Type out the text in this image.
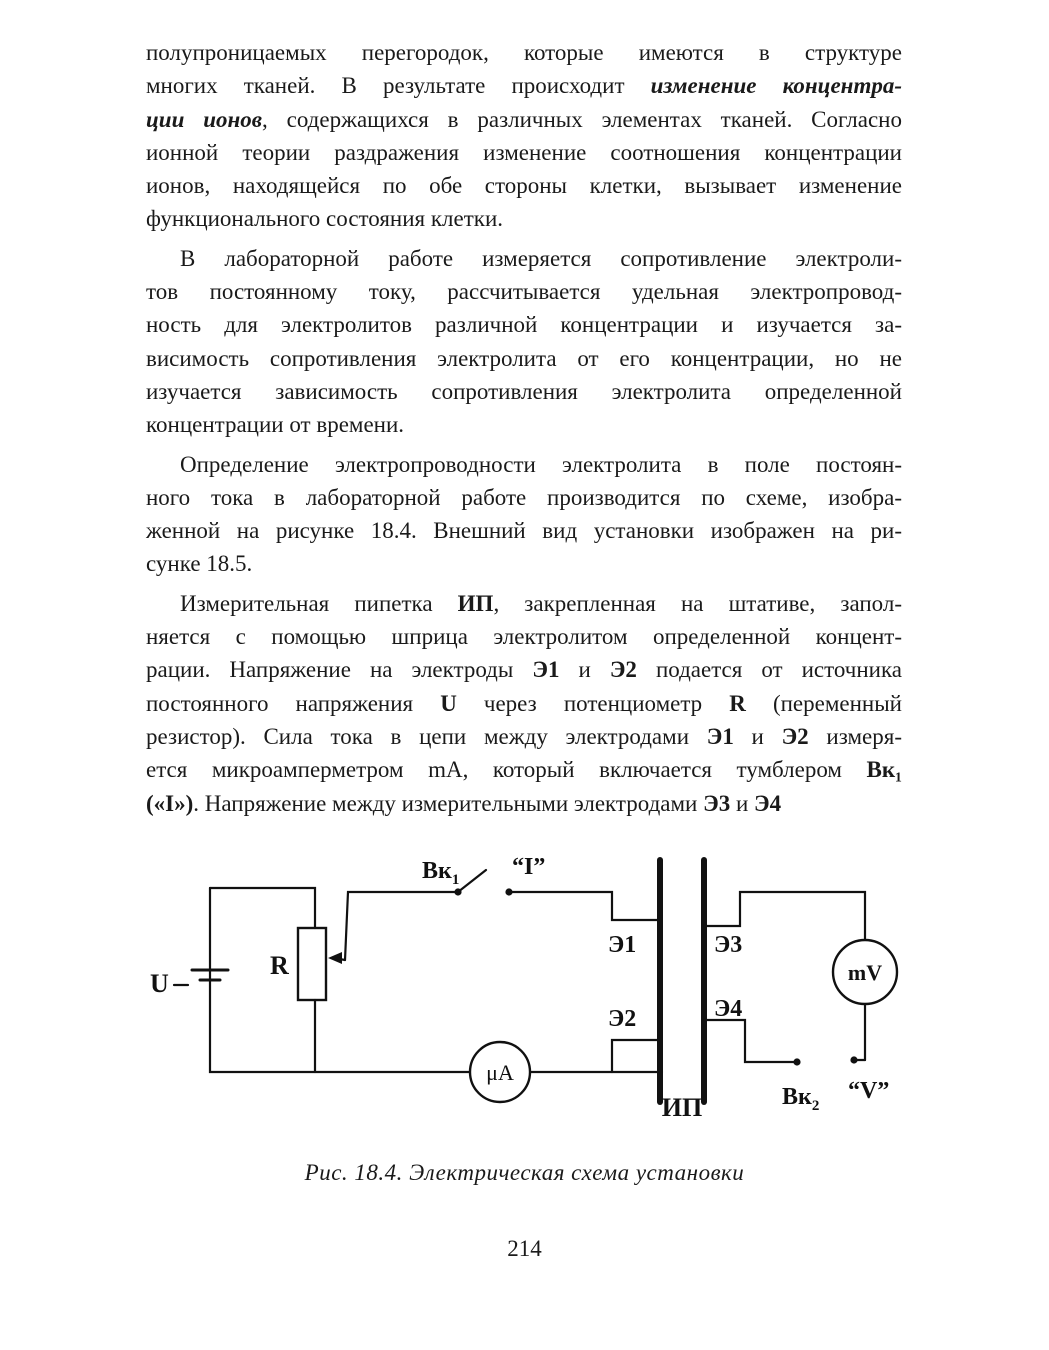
полупроницаемых перегородок, которые имеются в структуре
многих тканей. В результате происходит изменение концентра-
ции ионов, содержащихся в различных элементах тканей. Согласно
ионной теории раздражения изменение соотношения концентрации
ионов, находящейся по обе стороны клетки, вызывает изменение
функционального состояния клетки.
В лабораторной работе измеряется сопротивление электроли-
тов постоянному току, рассчитывается удельная электропровод-
ность для электролитов различной концентрации и изучается за-
висимость сопротивления электролита от его концентрации, но не
изучается зависимость сопротивления электролита определенной
концентрации от времени.
Определение электропроводности электролита в поле постоян-
ного тока в лабораторной работе производится по схеме, изобра-
женной на рисунке 18.4. Внешний вид установки изображен на ри-
сунке 18.5.
Измерительная пипетка ИП, закрепленная на штативе, запол-
няется с помощью шприца электролитом определенной концент-
рации. Напряжение на электроды Э1 и Э2 подается от источника
постоянного напряжения U через потенциометр R (переменный
резистор). Сила тока в цепи между электродами Э1 и Э2 измеря-
ется микроамперметром mA, который включается тумблером Вк₁
(«I»). Напряжение между измерительными электродами Э3 и Э4
U
R
$Вк_1$ “I”
Э1
Э2
Э3
Э4
mV
μA
ИП	$Вк_2$
“V”
Рис. 18.4. Электрическая схема установки
214
